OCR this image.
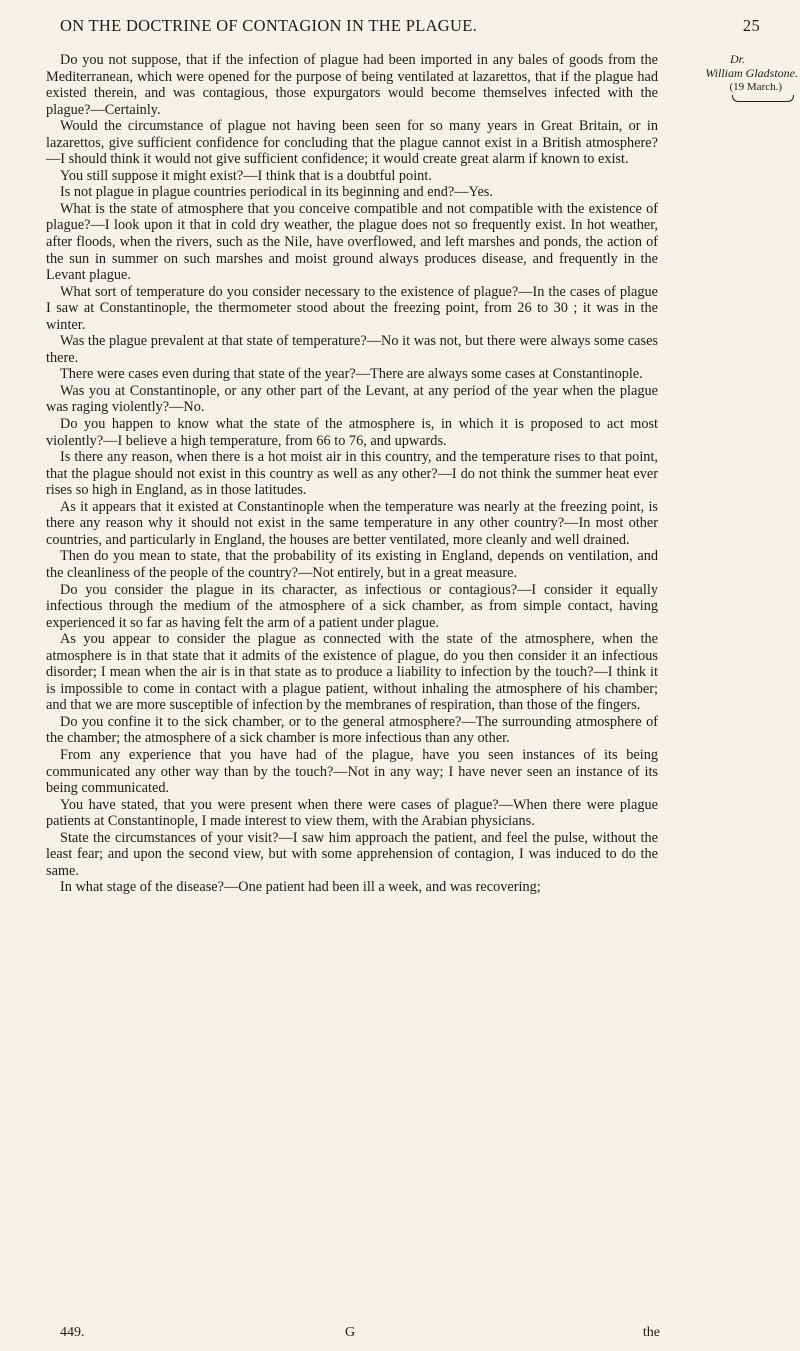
ON THE DOCTRINE OF CONTAGION IN THE PLAGUE.	25
Dr.
William Gladstone.
(19 March.)

Do you not suppose, that if the infection of plague had been imported in any bales of goods from the Mediterranean, which were opened for the purpose of being ventilated at lazarettos, that if the plague had existed therein, and was contagious, those expurgators would become themselves infected with the plague?—Certainly.

Would the circumstance of plague not having been seen for so many years in Great Britain, or in lazarettos, give sufficient confidence for concluding that the plague cannot exist in a British atmosphere?—I should think it would not give sufficient confidence; it would create great alarm if known to exist.

You still suppose it might exist?—I think that is a doubtful point.

Is not plague in plague countries periodical in its beginning and end?—Yes.

What is the state of atmosphere that you conceive compatible and not compatible with the existence of plague?—I look upon it that in cold dry weather, the plague does not so frequently exist. In hot weather, after floods, when the rivers, such as the Nile, have overflowed, and left marshes and ponds, the action of the sun in summer on such marshes and moist ground always produces disease, and frequently in the Levant plague.

What sort of temperature do you consider necessary to the existence of plague?—In the cases of plague I saw at Constantinople, the thermometer stood about the freezing point, from 26 to 30 ; it was in the winter.

Was the plague prevalent at that state of temperature?—No it was not, but there were always some cases there.

There were cases even during that state of the year?—There are always some cases at Constantinople.

Was you at Constantinople, or any other part of the Levant, at any period of the year when the plague was raging violently?—No.

Do you happen to know what the state of the atmosphere is, in which it is proposed to act most violently?—I believe a high temperature, from 66 to 76, and upwards.

Is there any reason, when there is a hot moist air in this country, and the temperature rises to that point, that the plague should not exist in this country as well as any other?—I do not think the summer heat ever rises so high in England, as in those latitudes.

As it appears that it existed at Constantinople when the temperature was nearly at the freezing point, is there any reason why it should not exist in the same temperature in any other country?—In most other countries, and particularly in England, the houses are better ventilated, more cleanly and well drained.

Then do you mean to state, that the probability of its existing in England, depends on ventilation, and the cleanliness of the people of the country?—Not entirely, but in a great measure.

Do you consider the plague in its character, as infectious or contagious?—I consider it equally infectious through the medium of the atmosphere of a sick chamber, as from simple contact, having experienced it so far as having felt the arm of a patient under plague.

As you appear to consider the plague as connected with the state of the atmosphere, when the atmosphere is in that state that it admits of the existence of plague, do you then consider it an infectious disorder; I mean when the air is in that state as to produce a liability to infection by the touch?—I think it is impossible to come in contact with a plague patient, without inhaling the atmosphere of his chamber; and that we are more susceptible of infection by the membranes of respiration, than those of the fingers.

Do you confine it to the sick chamber, or to the general atmosphere?—The surrounding atmosphere of the chamber; the atmosphere of a sick chamber is more infectious than any other.

From any experience that you have had of the plague, have you seen instances of its being communicated any other way than by the touch?—Not in any way; I have never seen an instance of its being communicated.

You have stated, that you were present when there were cases of plague?—When there were plague patients at Constantinople, I made interest to view them, with the Arabian physicians.

State the circumstances of your visit?—I saw him approach the patient, and feel the pulse, without the least fear; and upon the second view, but with some apprehension of contagion, I was induced to do the same.

In what stage of the disease?—One patient had been ill a week, and was recovering;

449.	G	the
